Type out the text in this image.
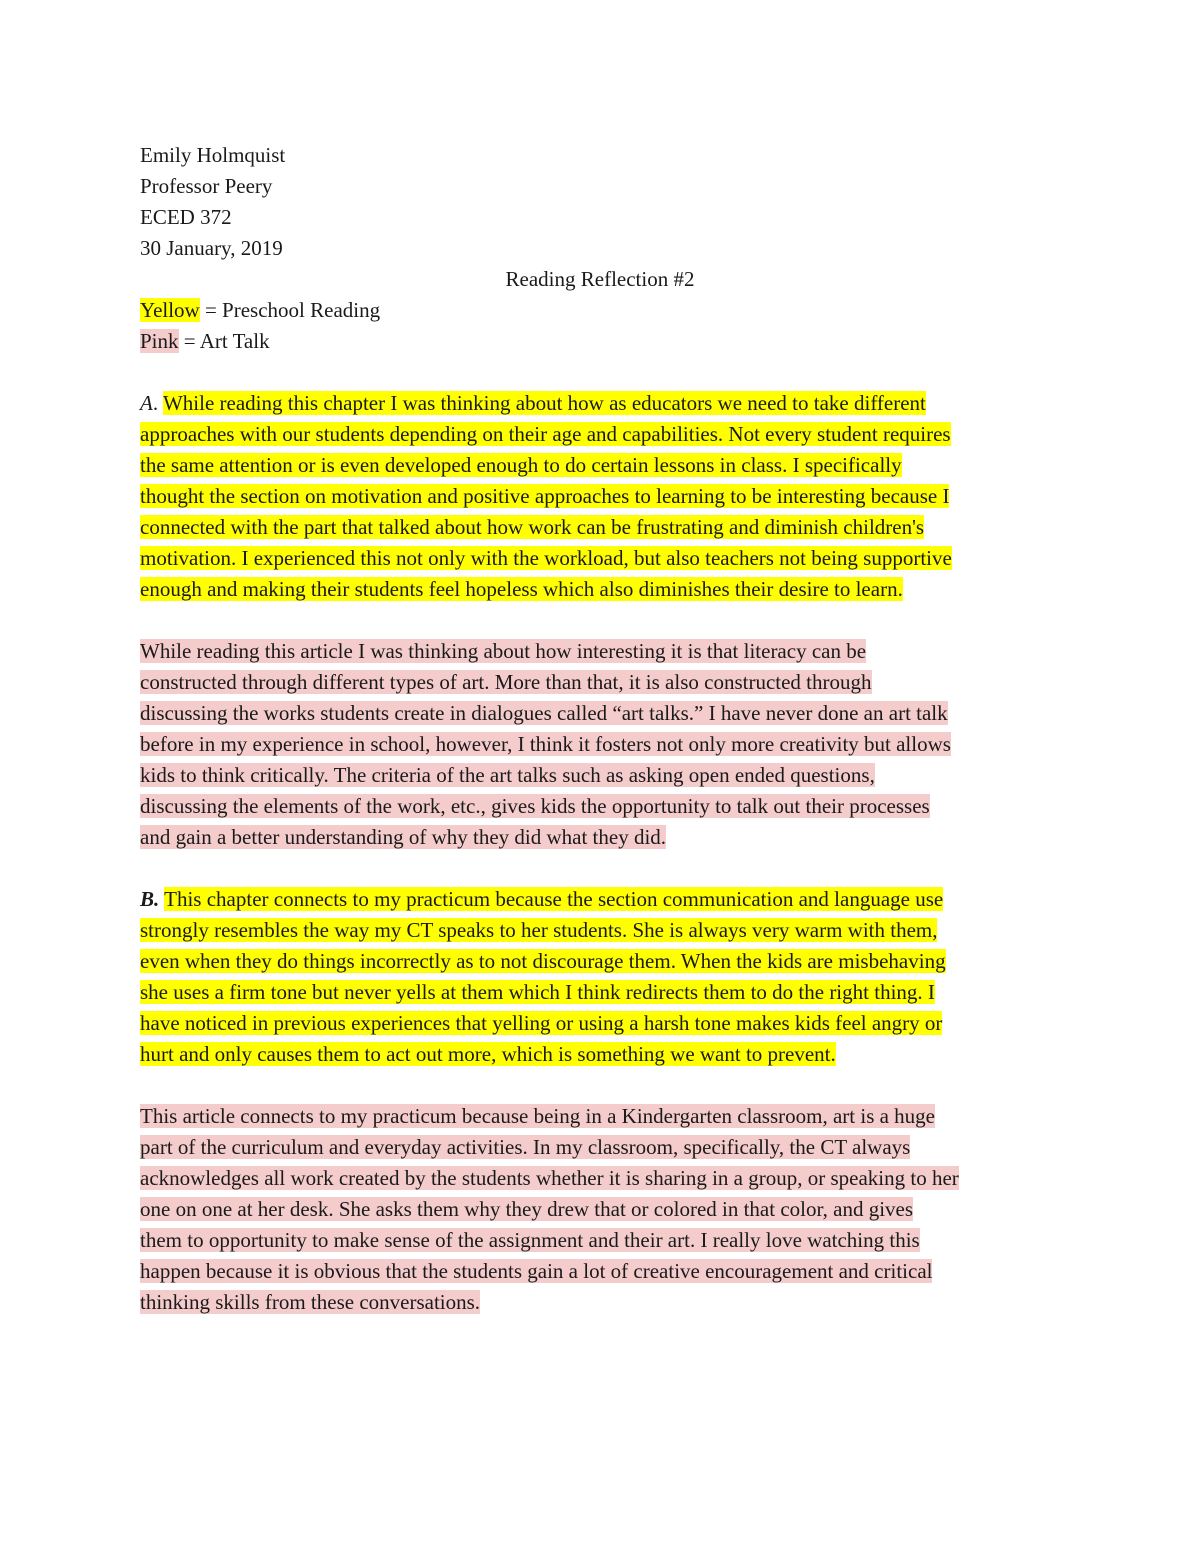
Emily Holmquist
Professor Peery
ECED 372
30 January, 2019
Reading Reflection #2
Yellow = Preschool Reading
Pink = Art Talk
A. While reading this chapter I was thinking about how as educators we need to take different
approaches with our students depending on their age and capabilities. Not every student requires
the same attention or is even developed enough to do certain lessons in class. I specifically
thought the section on motivation and positive approaches to learning to be interesting because I
connected with the part that talked about how work can be frustrating and diminish children's
motivation. I experienced this not only with the workload, but also teachers not being supportive
enough and making their students feel hopeless which also diminishes their desire to learn.
While reading this article I was thinking about how interesting it is that literacy can be
constructed through different types of art. More than that, it is also constructed through
discussing the works students create in dialogues called “art talks.” I have never done an art talk
before in my experience in school, however, I think it fosters not only more creativity but allows
kids to think critically. The criteria of the art talks such as asking open ended questions,
discussing the elements of the work, etc., gives kids the opportunity to talk out their processes
and gain a better understanding of why they did what they did.
B. This chapter connects to my practicum because the section communication and language use
strongly resembles the way my CT speaks to her students. She is always very warm with them,
even when they do things incorrectly as to not discourage them. When the kids are misbehaving
she uses a firm tone but never yells at them which I think redirects them to do the right thing. I
have noticed in previous experiences that yelling or using a harsh tone makes kids feel angry or
hurt and only causes them to act out more, which is something we want to prevent.
This article connects to my practicum because being in a Kindergarten classroom, art is a huge
part of the curriculum and everyday activities. In my classroom, specifically, the CT always
acknowledges all work created by the students whether it is sharing in a group, or speaking to her
one on one at her desk. She asks them why they drew that or colored in that color, and gives
them to opportunity to make sense of the assignment and their art. I really love watching this
happen because it is obvious that the students gain a lot of creative encouragement and critical
thinking skills from these conversations.
